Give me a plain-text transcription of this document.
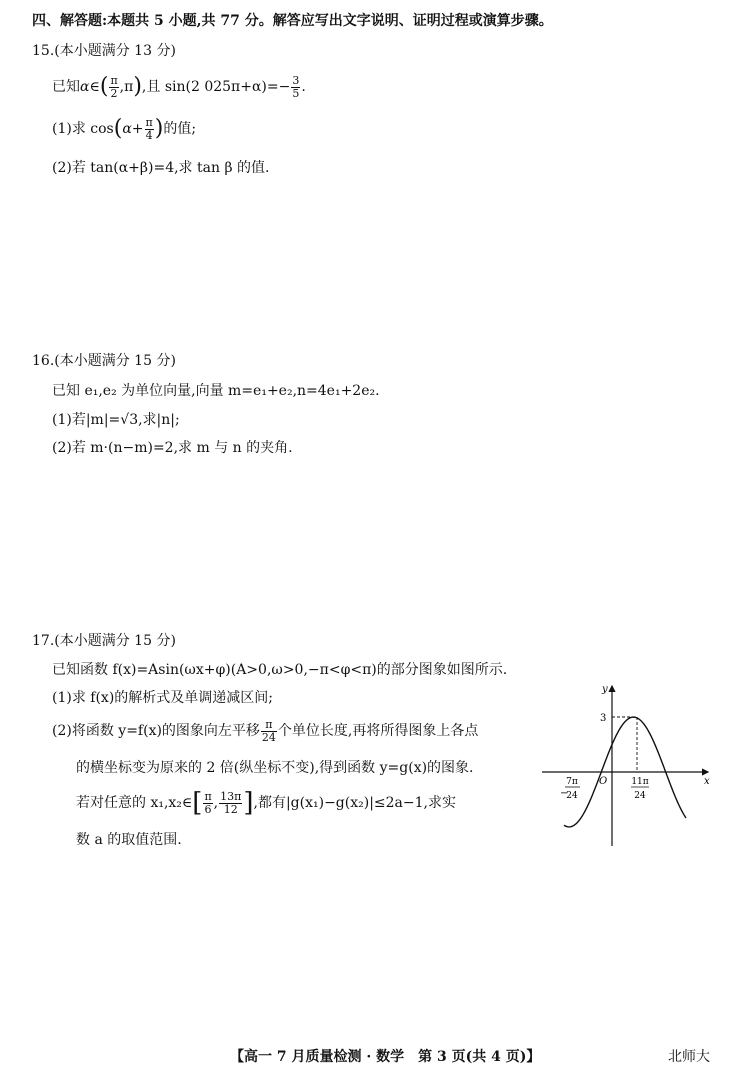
四、解答题:本题共 5 小题,共 77 分。解答应写出文字说明、证明过程或演算步骤。
15.(本小题满分 13 分)
已知α∈( $\frac{\pi}{2} ,\pi$),且 sin(2 $025\pi+\alpha)=- \frac{3}{5}$ .
(1)求 $\cos(\alpha+ \frac{\pi}{4}$ )的值;
(2)若 tan(α+β)=4,求 tan β 的值.
16.(本小题满分 15 分)
已知 e₁,e₂ 为单位向量,向量 m=e₁+e₂,n=4e₁+2e₂.
(1)若|m|=√3,求|n|;
(2)若 m·(n−m)=2,求 m 与 n 的夹角.
17.(本小题满分 15 分)
已知函数 f(x)=Asin(ωx+φ)(A>0,ω>0,−π<φ<π)的部分图象如图所示.
(1)求 f(x)的解析式及单调递减区间;
(2)将函数 y=f(x)的图象向左平移 $\frac{\pi}{24}$ 个单位长度,再将所得图象上各点
的横坐标变为原来的 2 倍(纵坐标不变),得到函数 y=g(x)的图象.
若对任意的 x₁,x₂∈[ $\frac{\pi}{6}$ , $\frac{13\pi}{12}$ ],都有|g(x₁)−g(x₂)|≤2a−1,求实
数 a 的取值范围.
y
x
O
3
−
7π
24
11π
24
【高一 7 月质量检测 · 数学　第 3 页(共 4 页)】	北师大
